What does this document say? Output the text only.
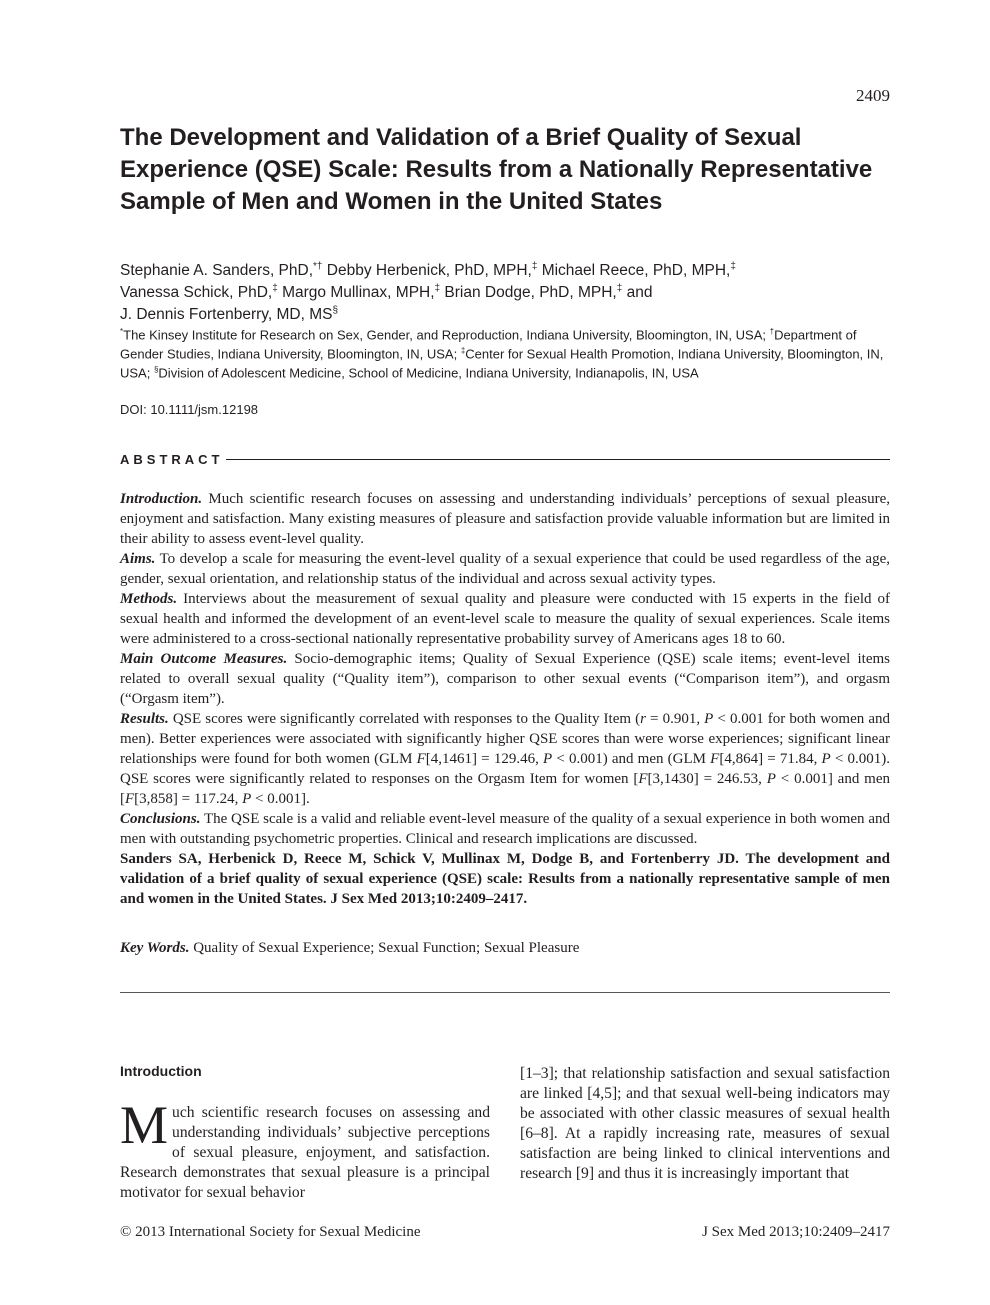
2409
The Development and Validation of a Brief Quality of Sexual Experience (QSE) Scale: Results from a Nationally Representative Sample of Men and Women in the United States
Stephanie A. Sanders, PhD,*† Debby Herbenick, PhD, MPH,‡ Michael Reece, PhD, MPH,‡
Vanessa Schick, PhD,‡ Margo Mullinax, MPH,‡ Brian Dodge, PhD, MPH,‡ and
J. Dennis Fortenberry, MD, MS§
*The Kinsey Institute for Research on Sex, Gender, and Reproduction, Indiana University, Bloomington, IN, USA; †Department of Gender Studies, Indiana University, Bloomington, IN, USA; ‡Center for Sexual Health Promotion, Indiana University, Bloomington, IN, USA; §Division of Adolescent Medicine, School of Medicine, Indiana University, Indianapolis, IN, USA
DOI: 10.1111/jsm.12198
ABSTRACT

Introduction. Much scientific research focuses on assessing and understanding individuals’ perceptions of sexual pleasure, enjoyment and satisfaction. Many existing measures of pleasure and satisfaction provide valuable information but are limited in their ability to assess event-level quality.

Aims. To develop a scale for measuring the event-level quality of a sexual experience that could be used regardless of the age, gender, sexual orientation, and relationship status of the individual and across sexual activity types.

Methods. Interviews about the measurement of sexual quality and pleasure were conducted with 15 experts in the field of sexual health and informed the development of an event-level scale to measure the quality of sexual experiences. Scale items were administered to a cross-sectional nationally representative probability survey of Americans ages 18 to 60.

Main Outcome Measures. Socio-demographic items; Quality of Sexual Experience (QSE) scale items; event-level items related to overall sexual quality (“Quality item”), comparison to other sexual events (“Comparison item”), and orgasm (“Orgasm item”).

Results. QSE scores were significantly correlated with responses to the Quality Item (r = 0.901, P < 0.001 for both women and men). Better experiences were associated with significantly higher QSE scores than were worse experiences; significant linear relationships were found for both women (GLM F[4,1461] = 129.46, P < 0.001) and men (GLM F[4,864] = 71.84, P < 0.001). QSE scores were significantly related to responses on the Orgasm Item for women [F[3,1430] = 246.53, P < 0.001] and men [F[3,858] = 117.24, P < 0.001].

Conclusions. The QSE scale is a valid and reliable event-level measure of the quality of a sexual experience in both women and men with outstanding psychometric properties. Clinical and research implications are discussed.

Sanders SA, Herbenick D, Reece M, Schick V, Mullinax M, Dodge B, and Fortenberry JD. The development and validation of a brief quality of sexual experience (QSE) scale: Results from a nationally representative sample of men and women in the United States. J Sex Med 2013;10:2409–2417.

Key Words. Quality of Sexual Experience; Sexual Function; Sexual Pleasure
Introduction
Much scientific research focuses on assessing and understanding individuals’ subjective perceptions of sexual pleasure, enjoyment, and satisfaction. Research demonstrates that sexual pleasure is a principal motivator for sexual behavior
[1–3]; that relationship satisfaction and sexual satisfaction are linked [4,5]; and that sexual well-being indicators may be associated with other classic measures of sexual health [6–8]. At a rapidly increasing rate, measures of sexual satisfaction are being linked to clinical interventions and research [9] and thus it is increasingly important that
© 2013 International Society for Sexual Medicine	J Sex Med 2013;10:2409–2417
